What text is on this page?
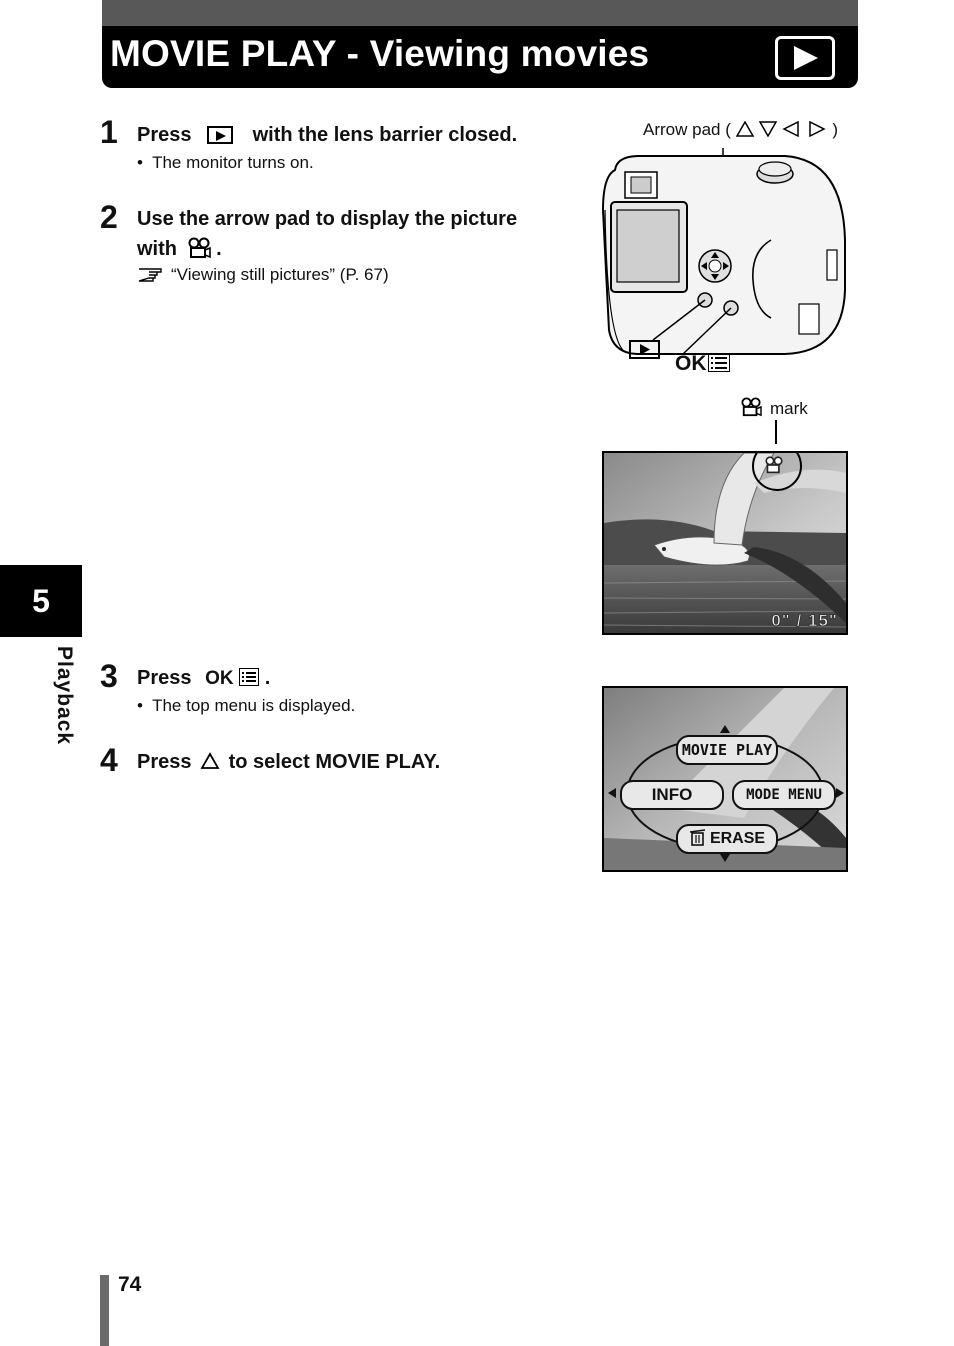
MOVIE PLAY - Viewing movies
5
Playback
1 Press	with the lens barrier closed.
•  The monitor turns on.
2 Use the arrow pad to display the picture
with .
“Viewing still pictures” (P. 67)
3 Press OK .
•  The top menu is displayed.
4 Press to select MOVIE PLAY.
Arrow pad (	)
OK
mark
0" / 15"
MOVIE PLAY
INFO	MODE MENU
ERASE
74
